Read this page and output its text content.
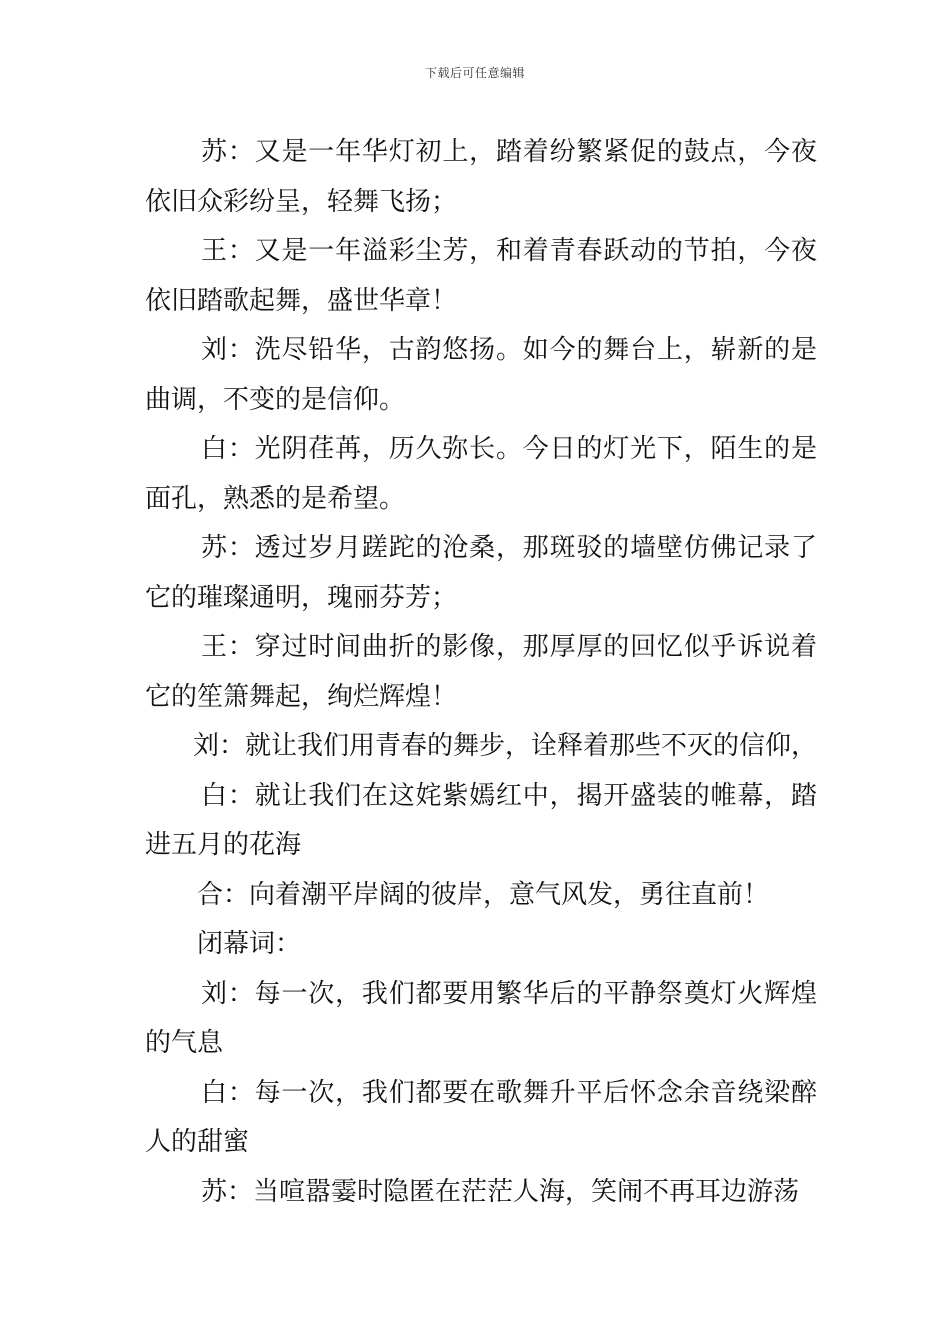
下载后可任意编辑

苏：又是一年华灯初上，踏着纷繁紧促的鼓点，今夜依旧众彩纷呈，轻舞飞扬；

王：又是一年溢彩尘芳，和着青春跃动的节拍，今夜依旧踏歌起舞，盛世华章！

刘：洗尽铅华，古韵悠扬。如今的舞台上，崭新的是曲调，不变的是信仰。

白：光阴荏苒，历久弥长。今日的灯光下，陌生的是面孔，熟悉的是希望。

苏：透过岁月蹉跎的沧桑，那斑驳的墙壁仿佛记录了它的璀璨通明，瑰丽芬芳；

王：穿过时间曲折的影像，那厚厚的回忆似乎诉说着它的笙箫舞起，绚烂辉煌！

刘：就让我们用青春的舞步，诠释着那些不灭的信仰，

白：就让我们在这姹紫嫣红中，揭开盛装的帷幕，踏进五月的花海

合：向着潮平岸阔的彼岸，意气风发，勇往直前！

闭幕词：

刘：每一次，我们都要用繁华后的平静祭奠灯火辉煌的气息

白：每一次，我们都要在歌舞升平后怀念余音绕梁醉人的甜蜜

苏：当喧嚣霎时隐匿在茫茫人海，笑闹不再耳边游荡
